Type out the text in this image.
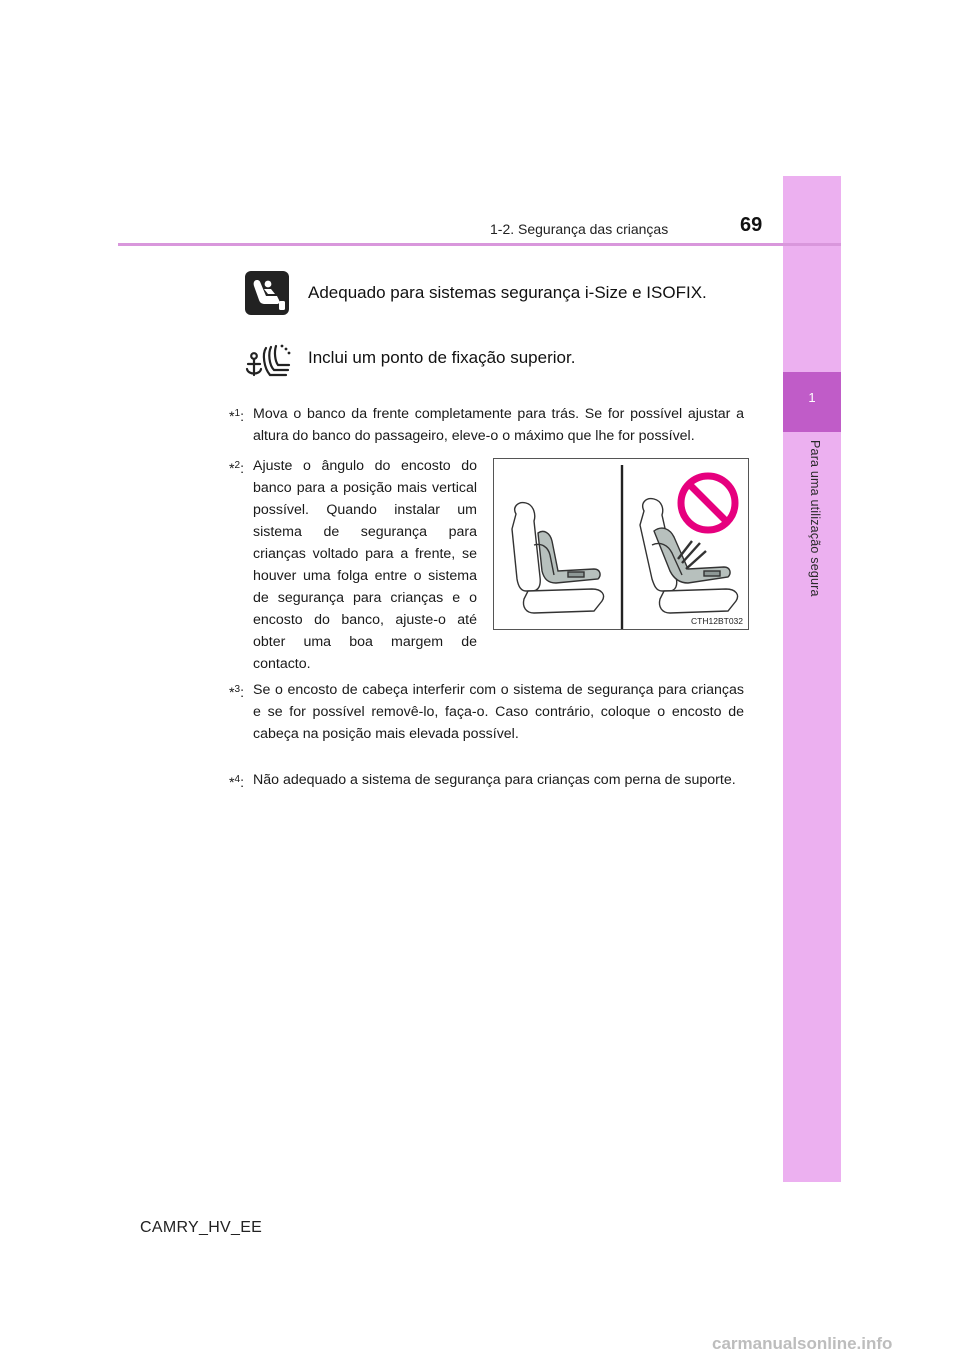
1
Para uma utilização segura
1-2. Segurança das crianças	69
Adequado para sistemas segurança i-Size e ISOFIX.
Inclui um ponto de fixação superior.
*$^1$: Mova o banco da frente completamente para trás. Se for possível ajustar a altura do banco do passageiro, eleve-o o máximo que lhe for possível.
*$^2$: Ajuste o ângulo do encosto do banco para a posição mais vertical possível. Quando instalar um sistema de segurança para crianças voltado para a frente, se houver uma folga entre o sistema de segurança para crianças e o encosto do banco, ajuste-o até obter uma boa margem de contacto.
CTH12BT032
*$^3$: Se o encosto de cabeça interferir com o sistema de segurança para crianças e se for possível removê-lo, faça-o. Caso contrário, coloque o encosto de cabeça na posição mais elevada possível.
*$^4$: Não adequado a sistema de segurança para crianças com perna de suporte.
CAMRY_HV_EE
carmanualsonline.info
